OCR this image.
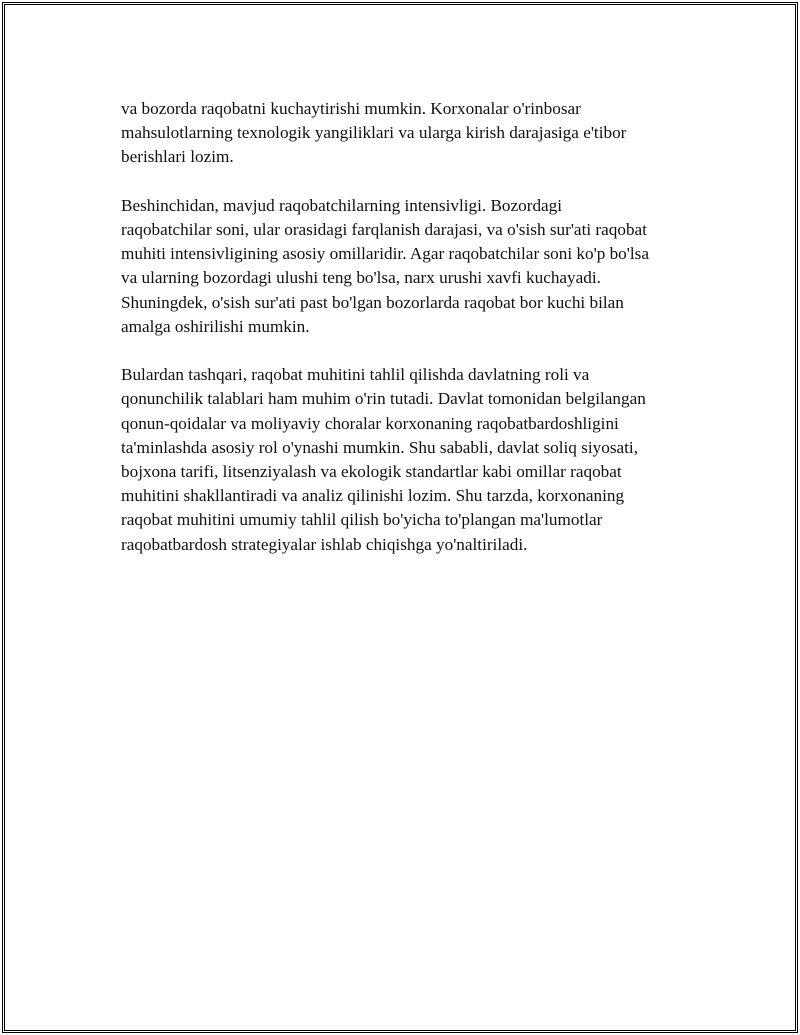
va bozorda raqobatni kuchaytirishi mumkin. Korxonalar o'rinbosar
mahsulotlarning texnologik yangiliklari va ularga kirish darajasiga e'tibor
berishlari lozim.

Beshinchidan, mavjud raqobatchilarning intensivligi. Bozordagi
raqobatchilar soni, ular orasidagi farqlanish darajasi, va o'sish sur'ati raqobat
muhiti intensivligining asosiy omillaridir. Agar raqobatchilar soni ko'p bo'lsa
va ularning bozordagi ulushi teng bo'lsa, narx urushi xavfi kuchayadi.
Shuningdek, o'sish sur'ati past bo'lgan bozorlarda raqobat bor kuchi bilan
amalga oshirilishi mumkin.

Bulardan tashqari, raqobat muhitini tahlil qilishda davlatning roli va
qonunchilik talablari ham muhim o'rin tutadi. Davlat tomonidan belgilangan
qonun-qoidalar va moliyaviy choralar korxonaning raqobatbardoshligini
ta'minlashda asosiy rol o'ynashi mumkin. Shu sababli, davlat soliq siyosati,
bojxona tarifi, litsenziyalash va ekologik standartlar kabi omillar raqobat
muhitini shakllantiradi va analiz qilinishi lozim. Shu tarzda, korxonaning
raqobat muhitini umumiy tahlil qilish bo'yicha to'plangan ma'lumotlar
raqobatbardosh strategiyalar ishlab chiqishga yo'naltiriladi.
